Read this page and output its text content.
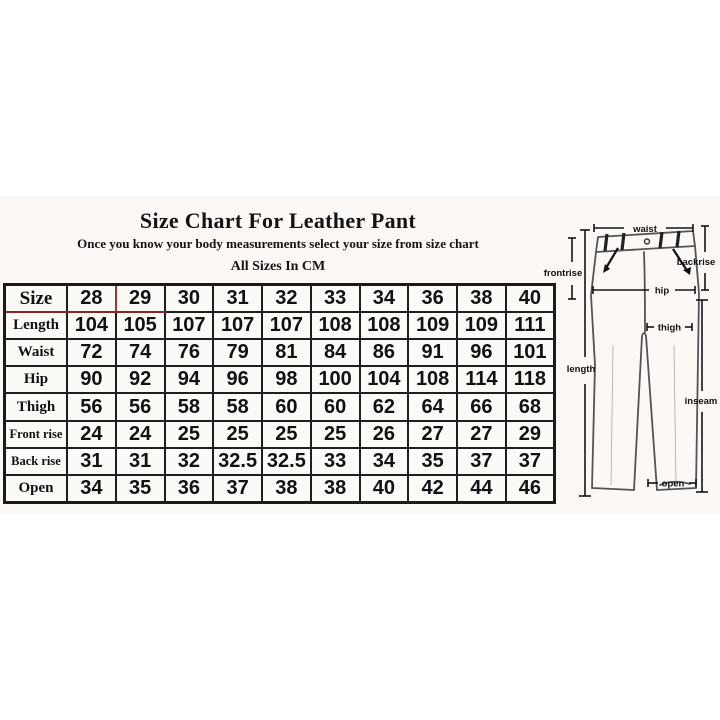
Size Chart For Leather Pant
Once you know your body measurements select your size from size chart
All Sizes In CM
Size	28	29	30	31	32	33	34	36	38	40
Length	104	105	107	107	107	108	108	109	109	111
Waist	72	74	76	79	81	84	86	91	96	101
Hip	90	92	94	96	98	100	104	108	114	118
Thigh	56	56	58	58	60	60	62	64	66	68
Front rise	24	24	25	25	25	25	26	27	27	29
Back rise	31	31	32	32.5	32.5	33	34	35	37	37
Open	34	35	36	37	38	38	40	42	44	46
waist
frontrise
backrise
hip
thigh
length
inseam
open
